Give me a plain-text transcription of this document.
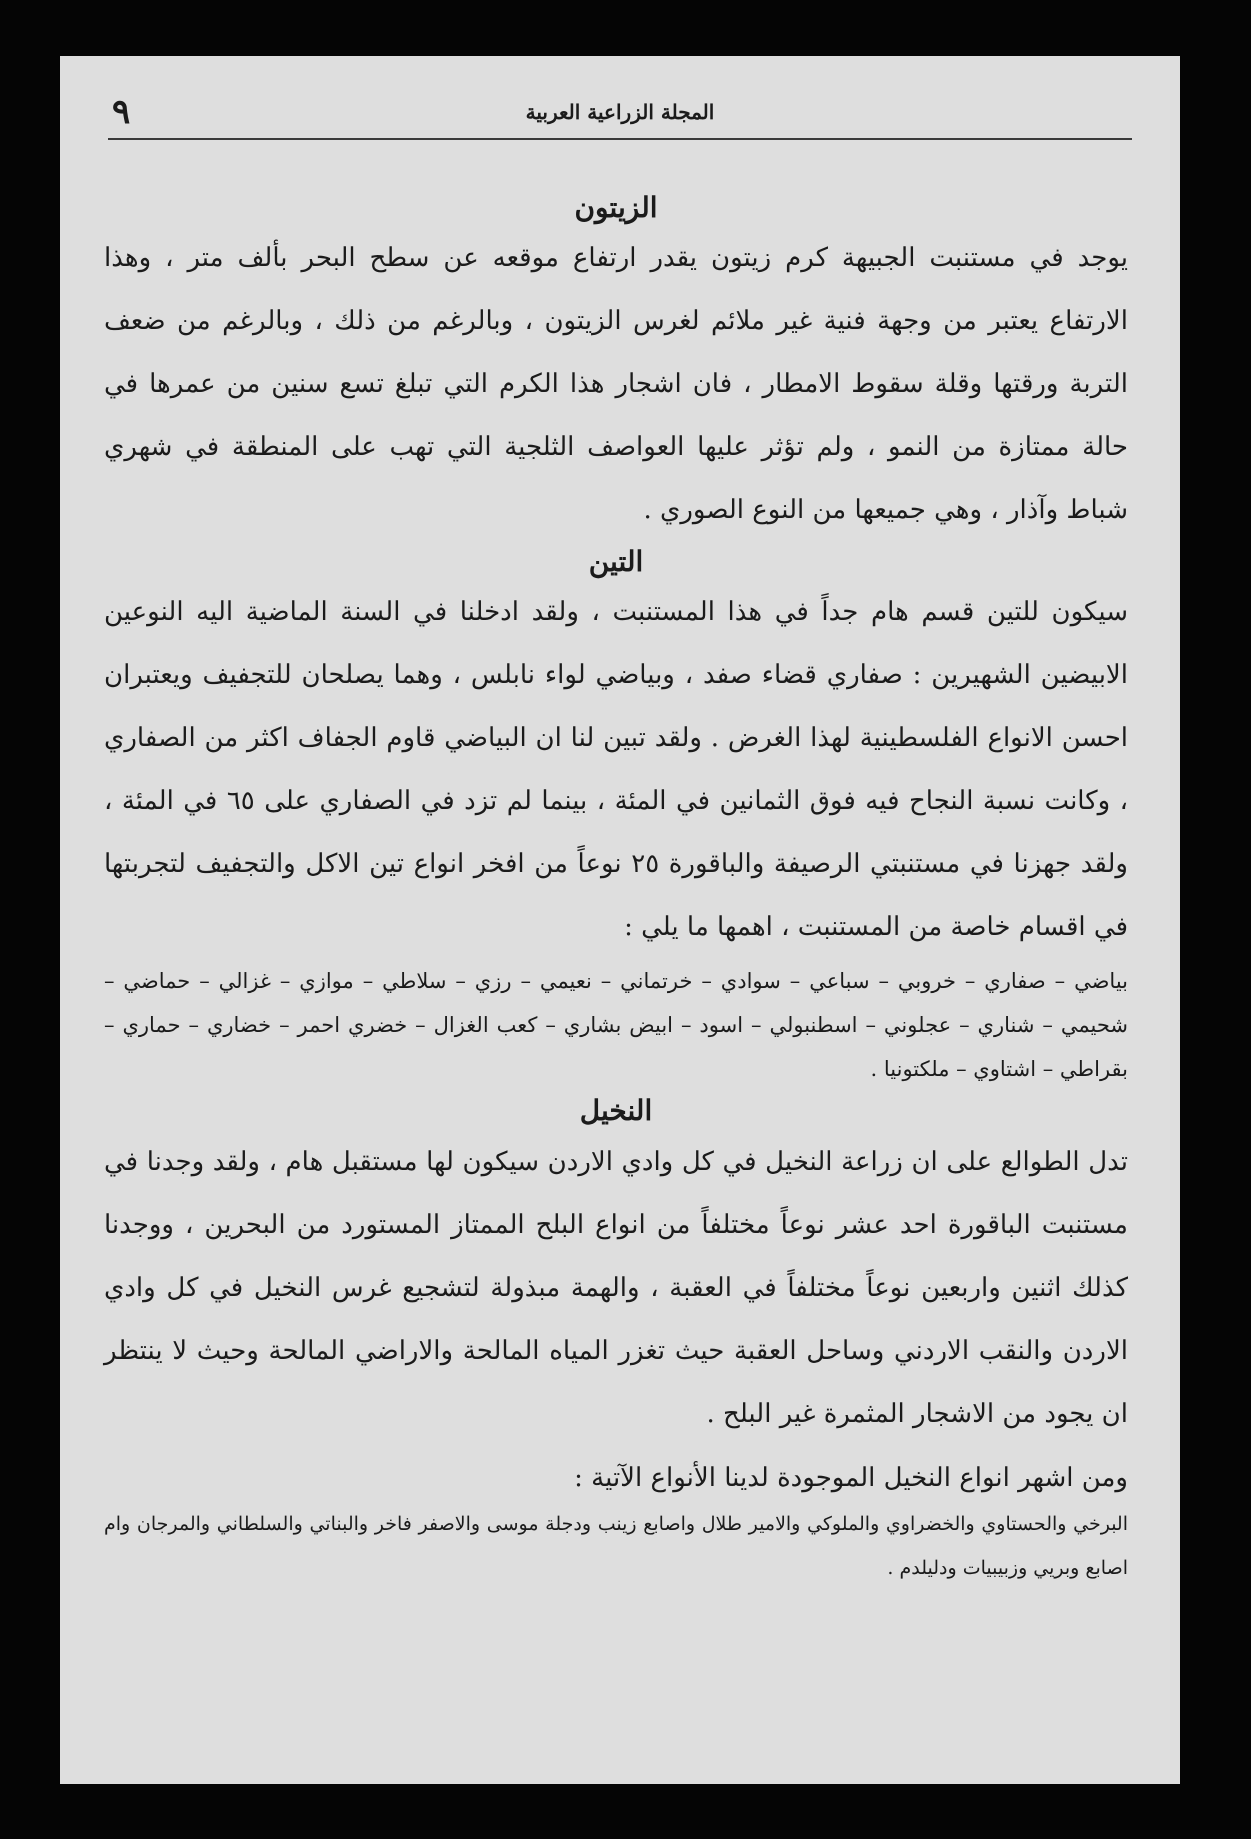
المجلة الزراعية العربية
٩
الزيتون

يوجد في مستنبت الجبيهة كرم زيتون يقدر ارتفاع موقعه عن سطح البحر بألف متر ، وهذا الارتفاع يعتبر من وجهة فنية غير ملائم لغرس الزيتون ، وبالرغم من ذلك ، وبالرغم من ضعف التربة ورقتها وقلة سقوط الامطار ، فان اشجار هذا الكرم التي تبلغ تسع سنين من عمرها في حالة ممتازة من النمو ، ولم تؤثر عليها العواصف الثلجية التي تهب على المنطقة في شهري شباط وآذار ، وهي جميعها من النوع الصوري .

التين

سيكون للتين قسم هام جداً في هذا المستنبت ، ولقد ادخلنا في السنة الماضية اليه النوعين الابيضين الشهيرين : صفاري قضاء صفد ، وبياضي لواء نابلس ، وهما يصلحان للتجفيف ويعتبران احسن الانواع الفلسطينية لهذا الغرض . ولقد تبين لنا ان البياضي قاوم الجفاف اكثر من الصفاري ، وكانت نسبة النجاح فيه فوق الثمانين في المئة ، بينما لم تزد في الصفاري على ٦٥ في المئة ، ولقد جهزنا في مستنبتي الرصيفة والباقورة ٢٥ نوعاً من افخر انواع تين الاكل والتجفيف لتجربتها في اقسام خاصة من المستنبت ، اهمها ما يلي :

بياضي – صفاري – خروبي – سباعي – سوادي – خرتماني – نعيمي – رزي – سلاطي – موازي – غزالي – حماضي – شحيمي – شناري – عجلوني – اسطنبولي – اسود – ابيض بشاري – كعب الغزال – خضري احمر – خضاري – حماري – بقراطي – اشتاوي – ملكتونيا .

النخيل

تدل الطوالع على ان زراعة النخيل في كل وادي الاردن سيكون لها مستقبل هام ، ولقد وجدنا في مستنبت الباقورة احد عشر نوعاً مختلفاً من انواع البلح الممتاز المستورد من البحرين ، ووجدنا كذلك اثنين واربعين نوعاً مختلفاً في العقبة ، والهمة مبذولة لتشجيع غرس النخيل في كل وادي الاردن والنقب الاردني وساحل العقبة حيث تغزر المياه المالحة والاراضي المالحة وحيث لا ينتظر ان يجود من الاشجار المثمرة غير البلح .

ومن اشهر انواع النخيل الموجودة لدينا الأنواع الآتية :

البرخي والحستاوي والخضراوي والملوكي والامير طلال واصابع زينب ودجلة موسى والاصفر فاخر والبناتي والسلطاني والمرجان وام اصابع وبريي وزبيبيات ودليلدم .
